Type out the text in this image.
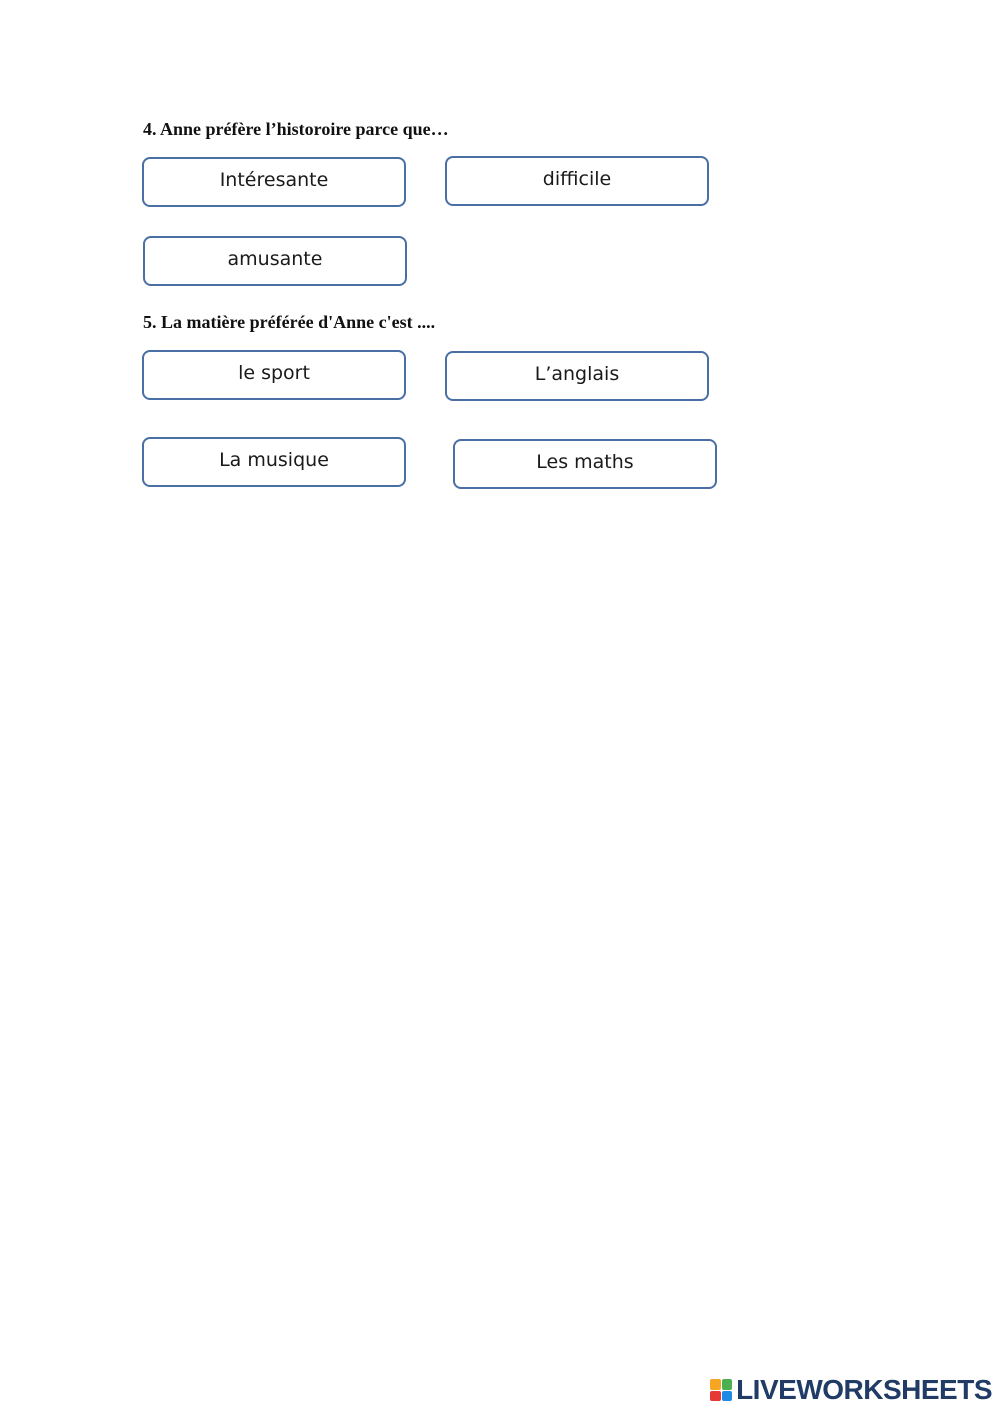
4. Anne préfère l’historoire parce que…
Intéresante	difficile
amusante
5. La matière préférée d'Anne c'est ....
le sport	L’anglais
La musique	Les maths
LIVEWORKSHEETS
